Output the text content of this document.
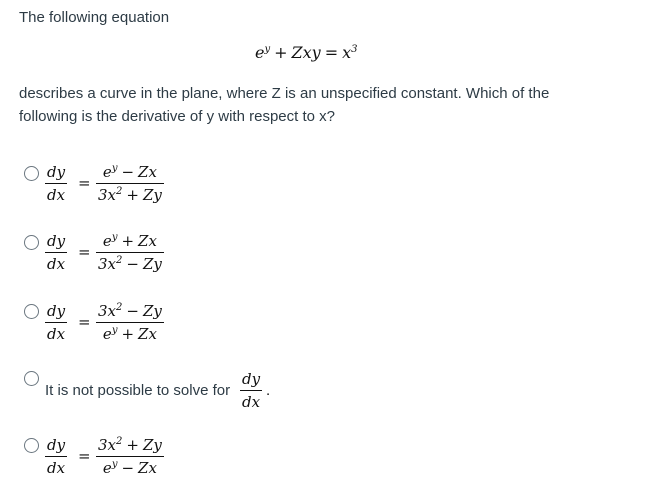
The following equation
$e^y$ + Zxy = $x^3$
describes a curve in the plane, where Z is an unspecified constant. Which of the
following is the derivative of y with respect to x?
dy
dx
=
$e^y - Zx$
$3x^2 + Zy$
dy
dx
=
$e^y + Zx$
$3x^2 - Zy$
dy
dx
=
$3x^2 - Zy$
$e^y + Zx$
It is not possible to solve for
dy
dx
.
dy
dx
=
$3x^2 + Zy$
$e^y - Zx$
